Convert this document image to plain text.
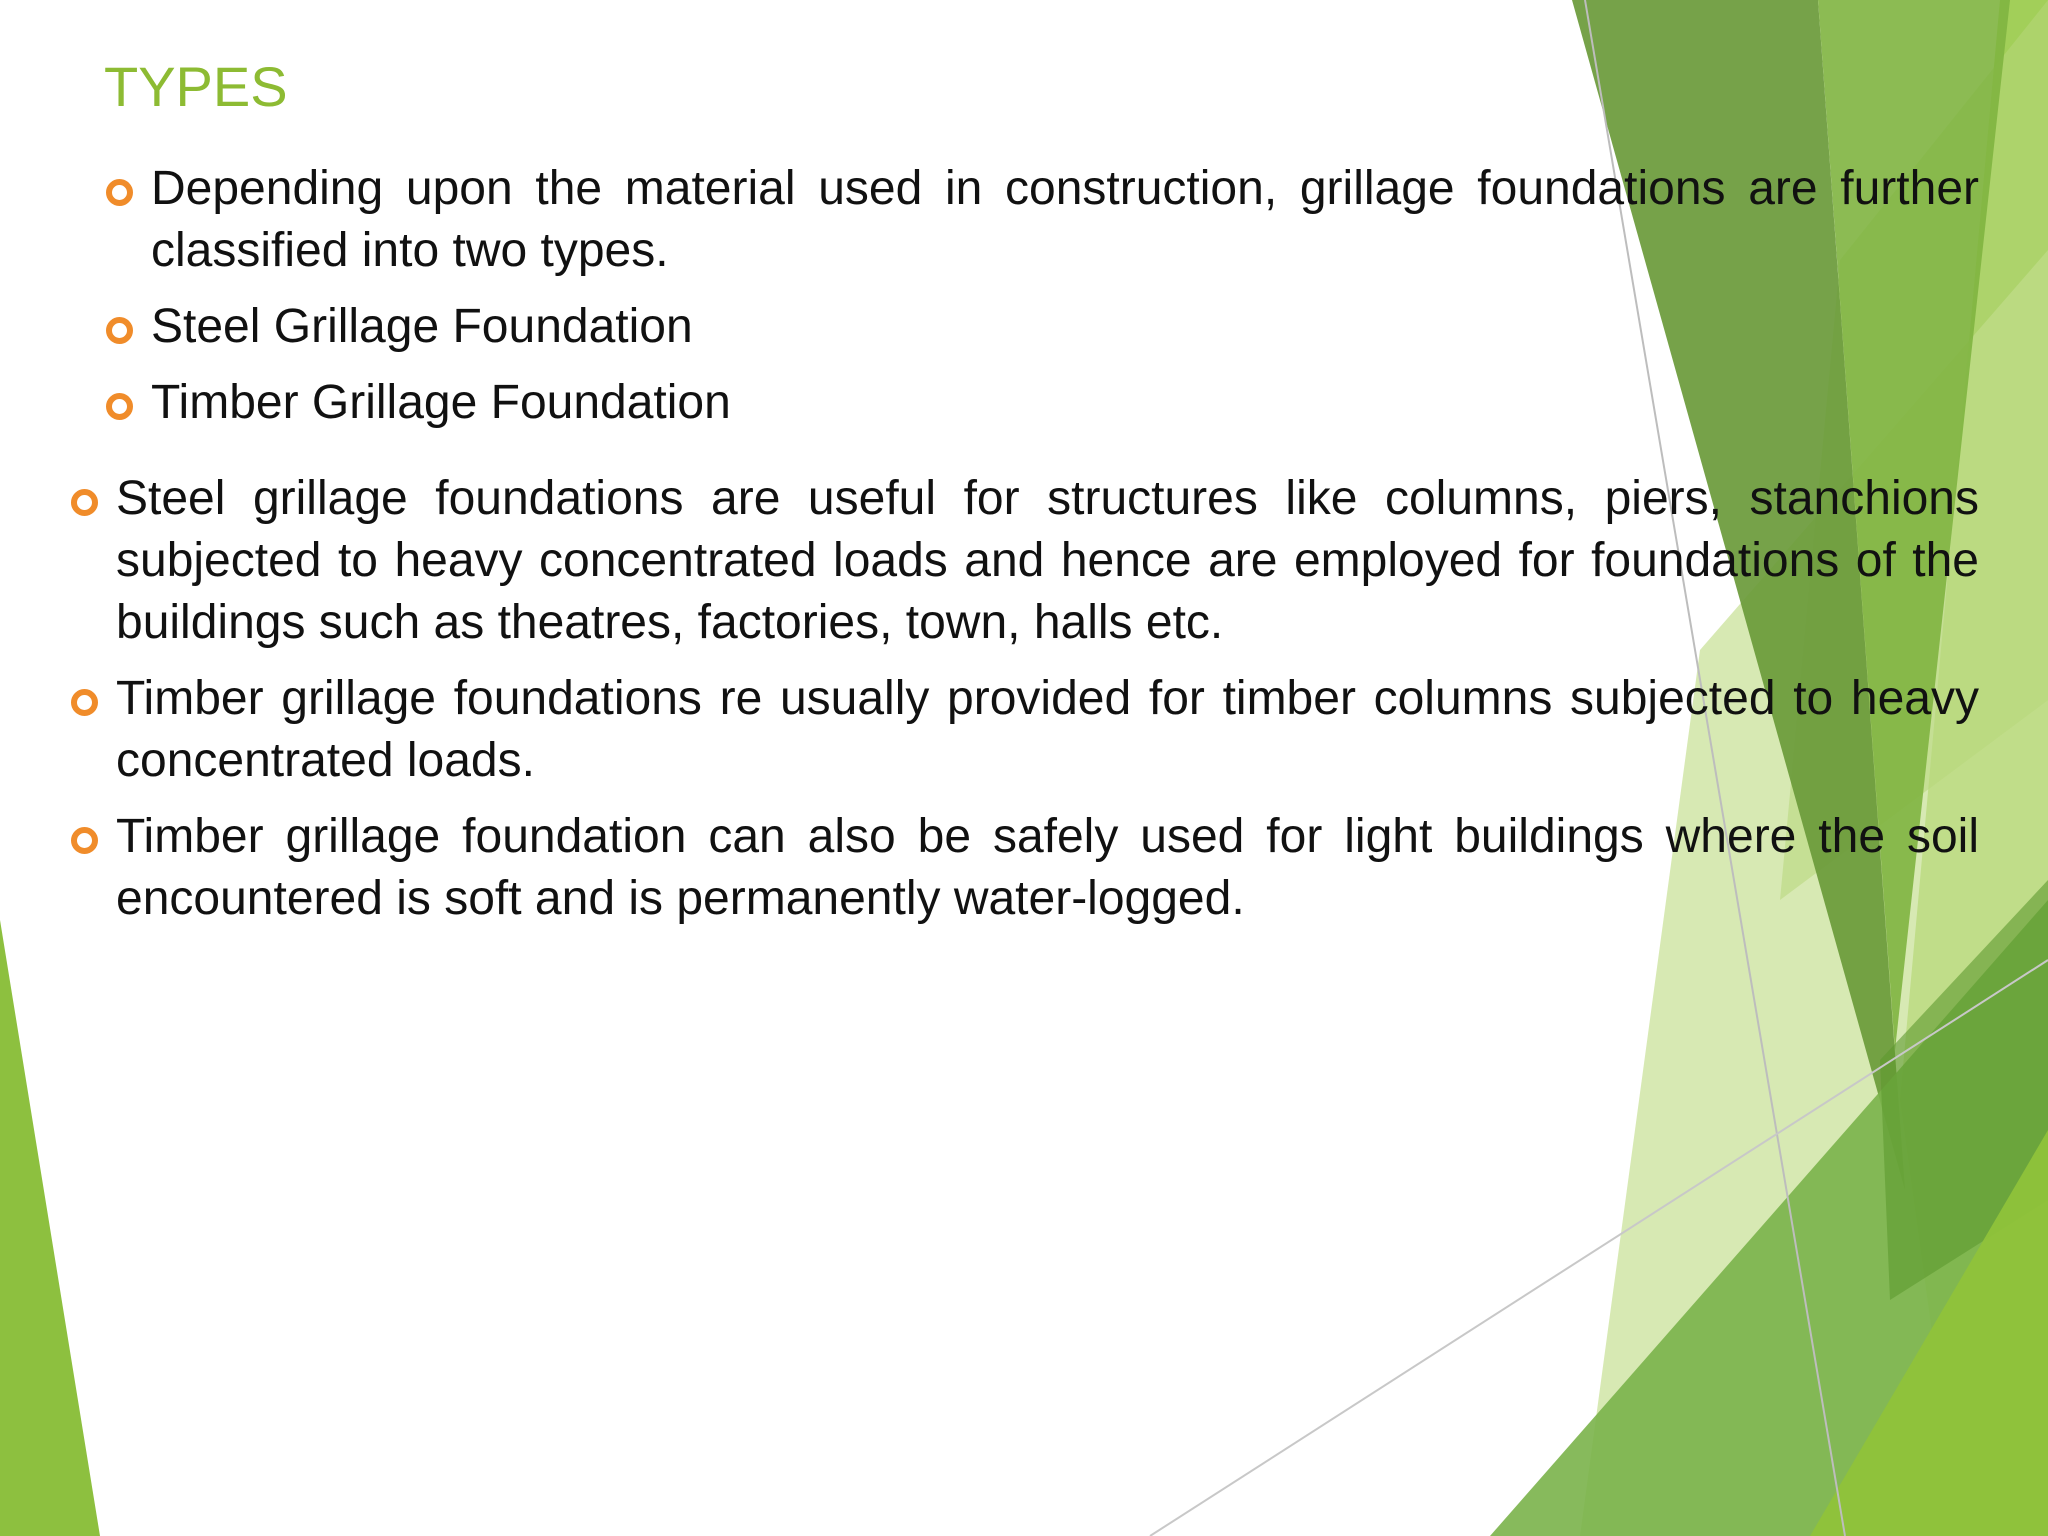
TYPES
Depending upon the material used in construction, grillage foundations are further classified into two types.
Steel Grillage Foundation
Timber Grillage Foundation
Steel grillage foundations are useful for structures like columns, piers, stanchions subjected to heavy concentrated loads and hence are employed for foundations of the buildings such as theatres, factories, town, halls etc.
Timber grillage foundations re usually provided for timber columns subjected to heavy concentrated loads.
Timber grillage foundation can also be safely used for light buildings where the soil encountered is soft and is permanently water-logged.
